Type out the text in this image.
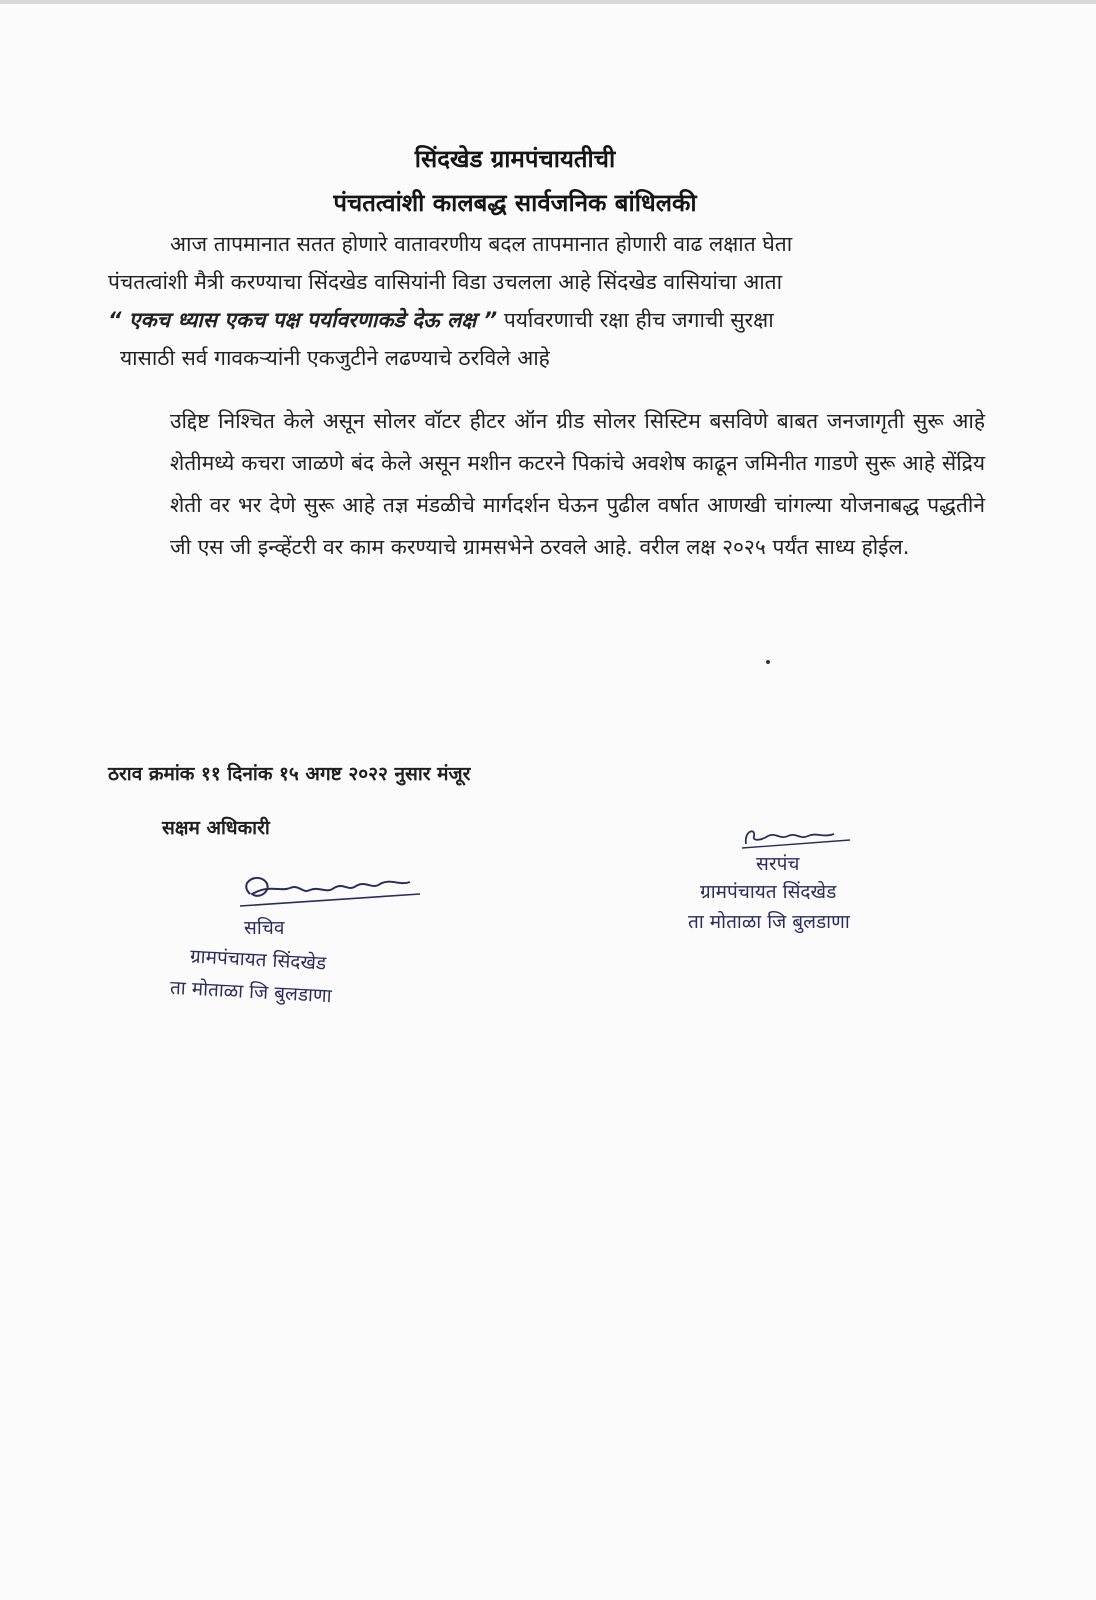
सिंदखेड ग्रामपंचायतीची
पंचतत्वांशी कालबद्ध सार्वजनिक बांधिलकी
आज तापमानात सतत होणारे वातावरणीय बदल तापमानात होणारी वाढ लक्षात घेता
पंचतत्वांशी मैत्री करण्याचा सिंदखेड वासियांनी विडा उचलला आहे सिंदखेड वासियांचा आता
“ एकच ध्यास एकच पक्ष पर्यावरणाकडे देऊ लक्ष ” पर्यावरणाची रक्षा हीच जगाची सुरक्षा
यासाठी सर्व गावकऱ्यांनी एकजुटीने लढण्याचे ठरविले आहे
उद्दिष्ट निश्चित केले असून सोलर वॉटर हीटर ऑन ग्रीड सोलर सिस्टिम बसविणे बाबत जनजागृती सुरू आहे शेतीमध्ये कचरा जाळणे बंद केले असून मशीन कटरने पिकांचे अवशेष काढून जमिनीत गाडणे सुरू आहे सेंद्रिय शेती वर भर देणे सुरू आहे तज्ञ मंडळीचे मार्गदर्शन घेऊन पुढील वर्षात आणखी चांगल्या योजनाबद्ध पद्धतीने जी एस जी इन्व्हेंटरी वर काम करण्याचे ग्रामसभेने ठरवले आहे. वरील लक्ष २०२५ पर्यंत साध्य होईल.
ठराव क्रमांक ११ दिनांक १५ अगष्ट २०२२ नुसार मंजूर
सक्षम अधिकारी
सचिव
ग्रामपंचायत सिंदखेड
ता मोताळा जि बुलडाणा
सरपंच
ग्रामपंचायत सिंदखेड
ता मोताळा जि बुलडाणा
